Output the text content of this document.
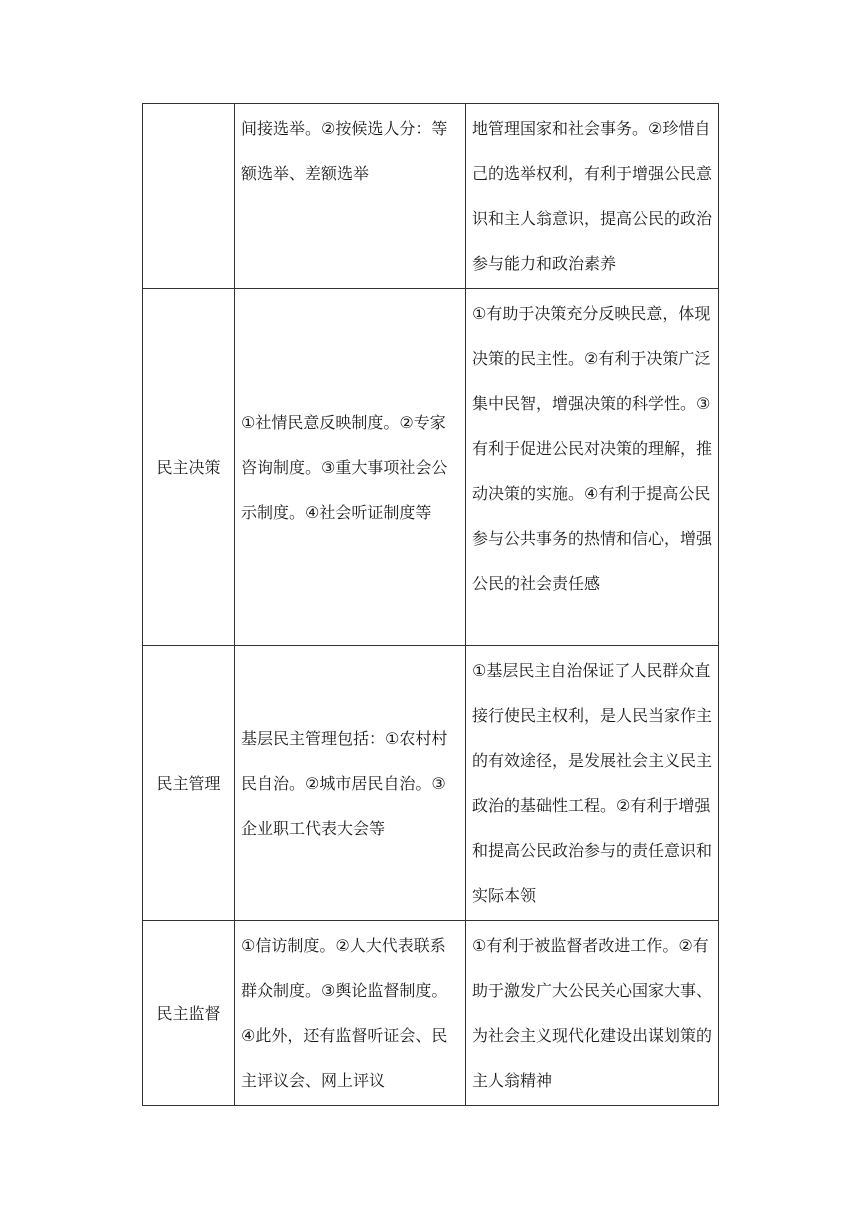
	间接选举。②按候选人分：等额选举、差额选举	地管理国家和社会事务。②珍惜自己的选举权利，有利于增强公民意识和主人翁意识，提高公民的政治参与能力和政治素养
民主决策	①社情民意反映制度。②专家咨询制度。③重大事项社会公示制度。④社会听证制度等	①有助于决策充分反映民意，体现决策的民主性。②有利于决策广泛集中民智，增强决策的科学性。③有利于促进公民对决策的理解，推动决策的实施。④有利于提高公民参与公共事务的热情和信心，增强公民的社会责任感
民主管理	基层民主管理包括：①农村村民自治。②城市居民自治。③企业职工代表大会等	①基层民主自治保证了人民群众直接行使民主权利，是人民当家作主的有效途径，是发展社会主义民主政治的基础性工程。②有利于增强和提高公民政治参与的责任意识和实际本领
民主监督	①信访制度。②人大代表联系群众制度。③舆论监督制度。④此外，还有监督听证会、民主评议会、网上评议	①有利于被监督者改进工作。②有助于激发广大公民关心国家大事、为社会主义现代化建设出谋划策的主人翁精神
